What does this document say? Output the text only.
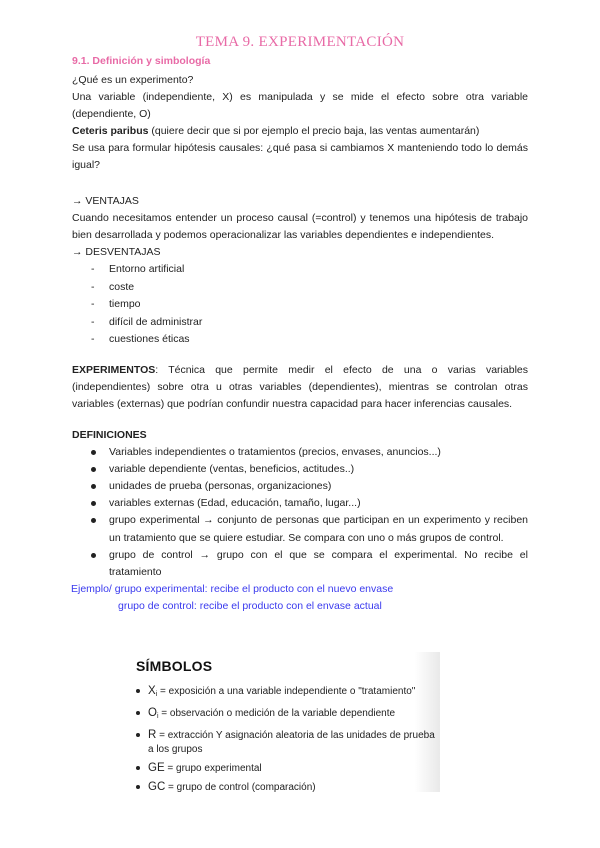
TEMA 9. EXPERIMENTACIÓN
9.1. Definición y simbología

¿Qué es un experimento?

Una variable (independiente, X) es manipulada y se mide el efecto sobre otra variable (dependiente, O)

Ceteris paribus (quiere decir que si por ejemplo el precio baja, las ventas aumentarán)

Se usa para formular hipótesis causales: ¿qué pasa si cambiamos X manteniendo todo lo demás igual?

→ VENTAJAS

Cuando necesitamos entender un proceso causal (=control) y tenemos una hipótesis de trabajo bien desarrollada y podemos operacionalizar las variables dependientes e independientes.

→ DESVENTAJAS

- Entorno artificial
- coste
- tiempo
- difícil de administrar
- cuestiones éticas

EXPERIMENTOS: Técnica que permite medir el efecto de una o varias variables (independientes) sobre otra u otras variables (dependientes), mientras se controlan otras variables (externas) que podrían confundir nuestra capacidad para hacer inferencias causales.

DEFINICIONES

Variables independientes o tratamientos (precios, envases, anuncios...)
variable dependiente (ventas, beneficios, actitudes..)
unidades de prueba (personas, organizaciones)
variables externas (Edad, educación, tamaño, lugar...)
grupo experimental → conjunto de personas que participan en un experimento y reciben un tratamiento que se quiere estudiar. Se compara con uno o más grupos de control.
grupo de control → grupo con el que se compara el experimental. No recibe el tratamiento

Ejemplo/ grupo experimental: recibe el producto con el nuevo envase

grupo de control: recibe el producto con el envase actual

SÍMBOLOS
$X_i$ = exposición a una variable independiente o "tratamiento"
$O_i$ = observación o medición de la variable dependiente
R = extracción Y asignación aleatoria de las unidades de prueba a los grupos
GE = grupo experimental
GC = grupo de control (comparación)
